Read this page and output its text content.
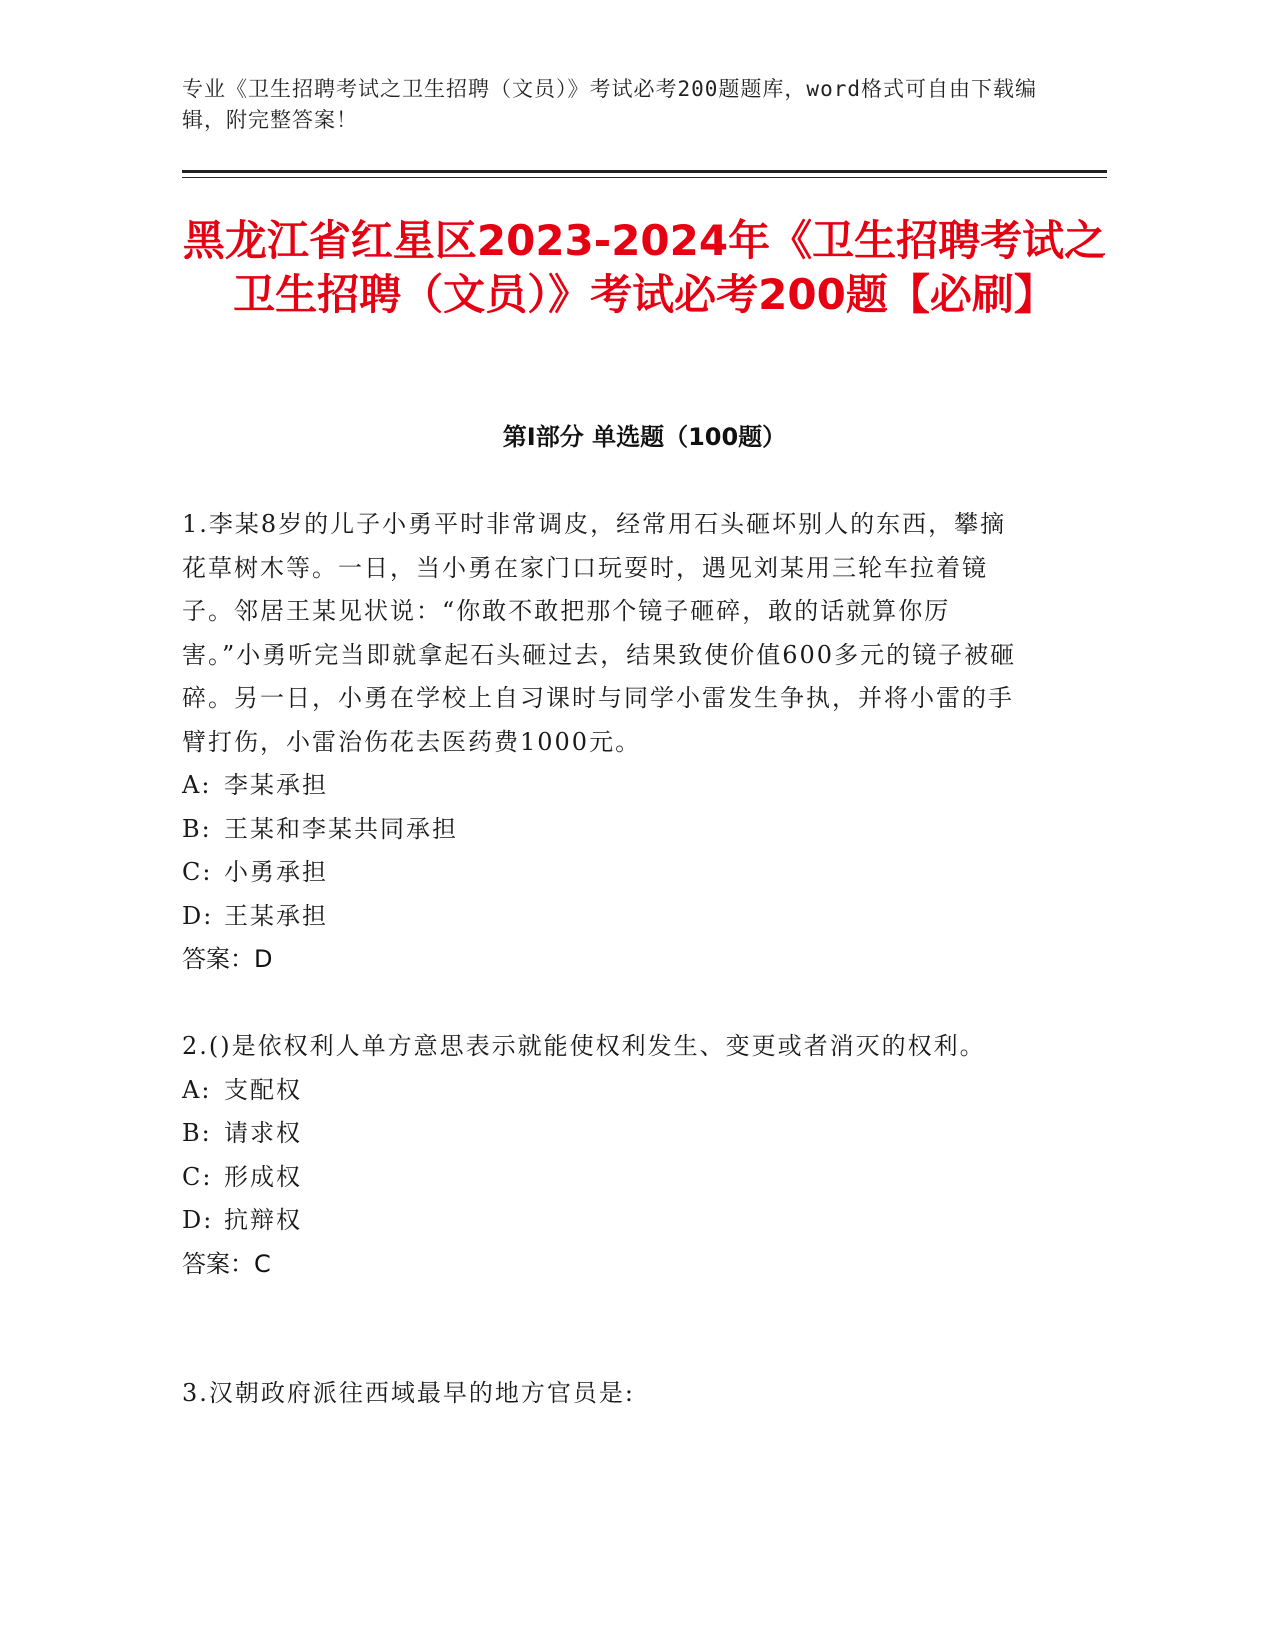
专业《卫生招聘考试之卫生招聘（文员）》考试必考200题题库，word格式可自由下载编辑，附完整答案！
黑龙江省红星区2023-2024年《卫生招聘考试之卫生招聘（文员）》考试必考200题【必刷】
第Ⅰ部分 单选题（100题）

1.李某8岁的儿子小勇平时非常调皮，经常用石头砸坏别人的东西，攀摘花草树木等。一日，当小勇在家门口玩耍时，遇见刘某用三轮车拉着镜子。邻居王某见状说：“你敢不敢把那个镜子砸碎，敢的话就算你厉害。”小勇听完当即就拿起石头砸过去，结果致使价值600多元的镜子被砸碎。另一日，小勇在学校上自习课时与同学小雷发生争执，并将小雷的手臂打伤，小雷治伤花去医药费1000元。

A: 李某承担
B: 王某和李某共同承担
C: 小勇承担
D: 王某承担

答案：D

2.()是依权利人单方意思表示就能使权利发生、变更或者消灭的权利。

A: 支配权
B: 请求权
C: 形成权
D: 抗辩权

答案：C

3.汉朝政府派往西域最早的地方官员是:
